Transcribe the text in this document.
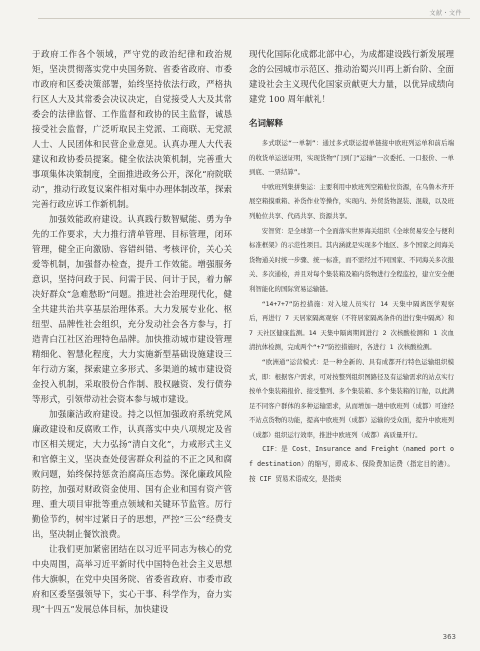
文献・文件

于政府工作各个领域，严守党的政治纪律和政治规矩，坚决贯彻落实党中央国务院、省委省政府、市委市政府和区委决策部署，始终坚持依法行政，严格执行区人大及其常委会决议决定，自觉接受人大及其常委会的法律监督、工作监督和政协的民主监督，诚恳接受社会监督，广泛听取民主党派、工商联、无党派人士、人民团体和民营企业意见。认真办理人大代表建议和政协委员提案。健全依法决策机制，完善重大事项集体决策制度，全面推进政务公开，深化“府院联动”，推动行政复议案件相对集中办理体制改革，探索完善行政应诉工作新机制。

加强效能政府建设。认真践行数智赋能、勇为争先的工作要求，大力推行清单管理、目标管理，闭环管理，健全正向激励、容错纠错、考核评价，关心关爱等机制，加强督办检查，提升工作效能。增强服务意识，坚持问政于民、问需于民、问计于民，着力解决好群众“急难愁盼”问题。推进社会治理现代化，健全共建共治共享基层治理体系。大力发展专业化、枢纽型、品牌性社会组织，充分发动社会各方参与，打造青白江社区治理特色品牌。加快推动城市建设管理精细化、智慧化程度，大力实施新型基础设施建设三年行动方案，探索建立多形式、多渠道的城市建设资金投入机制，采取股份合作制、股权融资、发行债券等形式，引领带动社会资本参与城市建设。

加强廉洁政府建设。持之以恒加强政府系统党风廉政建设和反腐败工作，认真落实中央八项规定及省市区相关规定，大力弘扬“清白文化”，力戒形式主义和官僚主义，坚决查处侵害群众利益的不正之风和腐败问题，始终保持惩贪治腐高压态势。深化廉政风险防控，加强对财政资金使用、国有企业和国有资产管理、重大项目审批等重点领域和关键环节监管。厉行勤俭节约，树牢过紧日子的思想，严控“三公”经费支出，坚决制止餐饮浪费。

让我们更加紧密团结在以习近平同志为核心的党中央周围，高举习近平新时代中国特色社会主义思想伟大旗帜，在党中央国务院、省委省政府、市委市政府和区委坚强领导下，实心干事、科学作为，奋力实现“十四五”发展总体目标，加快建设

现代化国际化成都北部中心，为成都建设践行新发展理念的公园城市示范区、推动治蜀兴川再上新台阶、全面建设社会主义现代化国家贡献更大力量，以优异成绩向建党 100 周年献礼！

名词解释

多式联运“一单制”：通过多式联运提单链接中欧班列运单和前后端的收货单运送证明，实现货物“门到门”运输“一次委托、一口报价、一单到底、一票结算”。

中欧班列集拼集运：主要利用中欧班列空箱舱位资源，在乌鲁木齐开展空箱摸重箱、补货作业等操作，实现内、外贸货物混装、混载，以及班列舱位共享、代码共享、资源共享。

安智贸：是全球第一个全面落实世界海关组织《全球贸易安全与便利标准框架》的示范性项目。其内涵就是实现多个地区、多个国家之间海关货物通关时统一步骤、统一标准，而不需经过不同国家、不同海关多次报关、多次通检，并且对每个集装箱及箱内货物进行全程监控，建立安全便利智能化的国际贸易运输链。

“14+7+7”防控措施：对入境人员实行 14 天集中隔离医学观察后，再进行 7 天居家隔离观察（不符居家隔离条件的进行集中隔离）和 7 天社区健康监测。14 天集中隔离期间进行 2 次核酸检测和 1 次血清抗体检测，完成两个“+7”防控措施时，各进行 1 次核酸检测。

“欧洲通”运营模式：是一种全新的、具有成都开行特色运输组织模式，即：根据客户需求，可对按整列组织图路径及有运输需求的站点实行按单个集装箱报价、接受整列、多个集装箱、多个集装箱的订舱，以此满足不同客户群体的多种运输需求，从而增加一趟中欧班列（成都）可途经不站点货物的功能，提高中欧班列（成都）运输的受众面，提升中欧班列（成都）组织运行效率，推进中欧班列（成都）高质量开行。

CIF：是 Cost、Insurance and Freight（named port of destination）的缩写，即成本、保险费加运费（指定目的港）。按 CIF 贸易术语成交，是指卖

363
